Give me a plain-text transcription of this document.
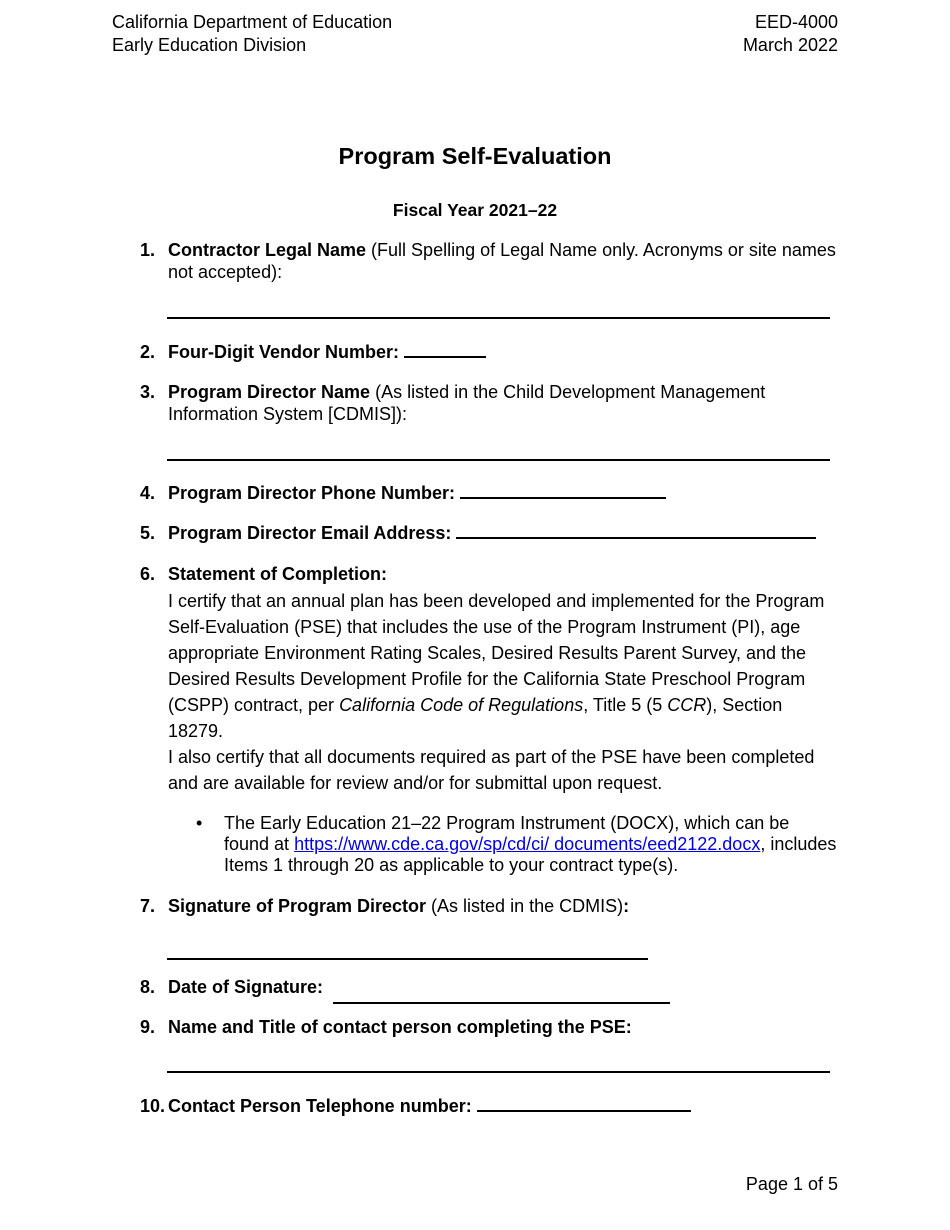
California Department of Education
Early Education Division
EED-4000
March 2022
Program Self-Evaluation
Fiscal Year 2021–22
1. Contractor Legal Name (Full Spelling of Legal Name only. Acronyms or site names not accepted):
2. Four-Digit Vendor Number:
3. Program Director Name (As listed in the Child Development Management Information System [CDMIS]):
4. Program Director Phone Number:
5. Program Director Email Address:
6. Statement of Completion:
I certify that an annual plan has been developed and implemented for the Program Self-Evaluation (PSE) that includes the use of the Program Instrument (PI), age appropriate Environment Rating Scales, Desired Results Parent Survey, and the Desired Results Development Profile for the California State Preschool Program (CSPP) contract, per California Code of Regulations, Title 5 (5 CCR), Section 18279.
I also certify that all documents required as part of the PSE have been completed and are available for review and/or for submittal upon request.
• The Early Education 21–22 Program Instrument (DOCX), which can be found at https://www.cde.ca.gov/sp/cd/ci/ documents/eed2122.docx, includes Items 1 through 20 as applicable to your contract type(s).
7. Signature of Program Director (As listed in the CDMIS):
8. Date of Signature:
9. Name and Title of contact person completing the PSE:
10. Contact Person Telephone number:
Page 1 of 5
